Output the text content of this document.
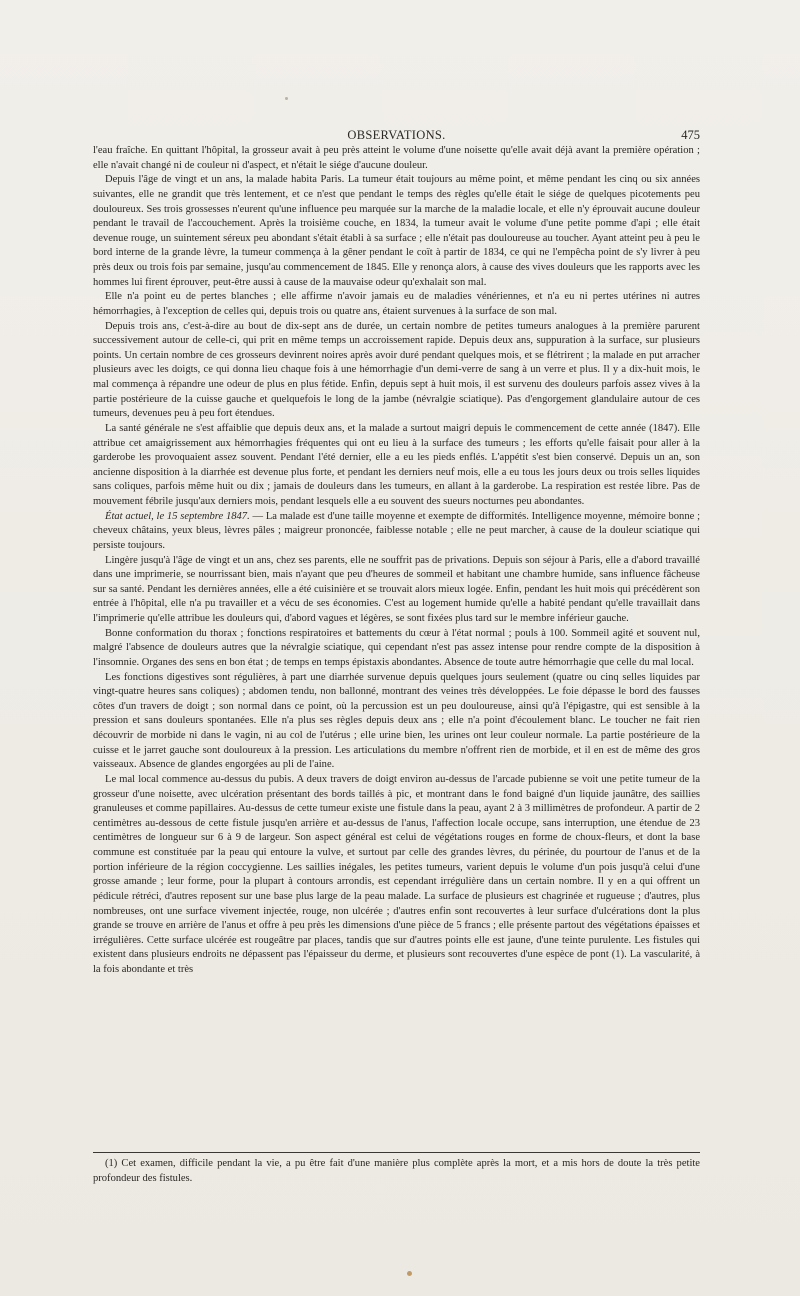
OBSERVATIONS.	475

l'eau fraîche. En quittant l'hôpital, la grosseur avait à peu près atteint le volume d'une noisette qu'elle avait déjà avant la première opération ; elle n'avait changé ni de couleur ni d'aspect, et n'était le siége d'aucune douleur.

Depuis l'âge de vingt et un ans, la malade habita Paris. La tumeur était toujours au même point, et même pendant les cinq ou six années suivantes, elle ne grandit que très lentement, et ce n'est que pendant le temps des règles qu'elle était le siége de quelques picotements peu douloureux. Ses trois grossesses n'eurent qu'une influence peu marquée sur la marche de la maladie locale, et elle n'y éprouvait aucune douleur pendant le travail de l'accouchement. Après la troisième couche, en 1834, la tumeur avait le volume d'une petite pomme d'api ; elle était devenue rouge, un suintement séreux peu abondant s'était établi à sa surface ; elle n'était pas douloureuse au toucher. Ayant atteint peu à peu le bord interne de la grande lèvre, la tumeur commença à la gêner pendant le coït à partir de 1834, ce qui ne l'empêcha point de s'y livrer à peu près deux ou trois fois par semaine, jusqu'au commencement de 1845. Elle y renonça alors, à cause des vives douleurs que les rapports avec les hommes lui firent éprouver, peut-être aussi à cause de la mauvaise odeur qu'exhalait son mal.

Elle n'a point eu de pertes blanches ; elle affirme n'avoir jamais eu de maladies vénériennes, et n'a eu ni pertes utérines ni autres hémorrhagies, à l'exception de celles qui, depuis trois ou quatre ans, étaient survenues à la surface de son mal.

Depuis trois ans, c'est-à-dire au bout de dix-sept ans de durée, un certain nombre de petites tumeurs analogues à la première parurent successivement autour de celle-ci, qui prit en même temps un accroissement rapide. Depuis deux ans, suppuration à la surface, sur plusieurs points. Un certain nombre de ces grosseurs devinrent noires après avoir duré pendant quelques mois, et se flétrirent ; la malade en put arracher plusieurs avec les doigts, ce qui donna lieu chaque fois à une hémorrhagie d'un demi-verre de sang à un verre et plus. Il y a dix-huit mois, le mal commença à répandre une odeur de plus en plus fétide. Enfin, depuis sept à huit mois, il est survenu des douleurs parfois assez vives à la partie postérieure de la cuisse gauche et quelquefois le long de la jambe (névralgie sciatique). Pas d'engorgement glandulaire autour de ces tumeurs, devenues peu à peu fort étendues.

La santé générale ne s'est affaiblie que depuis deux ans, et la malade a surtout maigri depuis le commencement de cette année (1847). Elle attribue cet amaigrissement aux hémorrhagies fréquentes qui ont eu lieu à la surface des tumeurs ; les efforts qu'elle faisait pour aller à la garderobe les provoquaient assez souvent. Pendant l'été dernier, elle a eu les pieds enflés. L'appétit s'est bien conservé. Depuis un an, son ancienne disposition à la diarrhée est devenue plus forte, et pendant les derniers neuf mois, elle a eu tous les jours deux ou trois selles liquides sans coliques, parfois même huit ou dix ; jamais de douleurs dans les tumeurs, en allant à la garderobe. La respiration est restée libre. Pas de mouvement fébrile jusqu'aux derniers mois, pendant lesquels elle a eu souvent des sueurs nocturnes peu abondantes.

État actuel, le 15 septembre 1847. — La malade est d'une taille moyenne et exempte de difformités. Intelligence moyenne, mémoire bonne ; cheveux châtains, yeux bleus, lèvres pâles ; maigreur prononcée, faiblesse notable ; elle ne peut marcher, à cause de la douleur sciatique qui persiste toujours.

Lingère jusqu'à l'âge de vingt et un ans, chez ses parents, elle ne souffrit pas de privations. Depuis son séjour à Paris, elle a d'abord travaillé dans une imprimerie, se nourrissant bien, mais n'ayant que peu d'heures de sommeil et habitant une chambre humide, sans influence fâcheuse sur sa santé. Pendant les dernières années, elle a été cuisinière et se trouvait alors mieux logée. Enfin, pendant les huit mois qui précédèrent son entrée à l'hôpital, elle n'a pu travailler et a vécu de ses économies. C'est au logement humide qu'elle a habité pendant qu'elle travaillait dans l'imprimerie qu'elle attribue les douleurs qui, d'abord vagues et légères, se sont fixées plus tard sur le membre inférieur gauche.

Bonne conformation du thorax ; fonctions respiratoires et battements du cœur à l'état normal ; pouls à 100. Sommeil agité et souvent nul, malgré l'absence de douleurs autres que la névralgie sciatique, qui cependant n'est pas assez intense pour rendre compte de la disposition à l'insomnie. Organes des sens en bon état ; de temps en temps épistaxis abondantes. Absence de toute autre hémorrhagie que celle du mal local.

Les fonctions digestives sont régulières, à part une diarrhée survenue depuis quelques jours seulement (quatre ou cinq selles liquides par vingt-quatre heures sans coliques) ; abdomen tendu, non ballonné, montrant des veines très développées. Le foie dépasse le bord des fausses côtes d'un travers de doigt ; son normal dans ce point, où la percussion est un peu douloureuse, ainsi qu'à l'épigastre, qui est sensible à la pression et sans douleurs spontanées. Elle n'a plus ses règles depuis deux ans ; elle n'a point d'écoulement blanc. Le toucher ne fait rien découvrir de morbide ni dans le vagin, ni au col de l'utérus ; elle urine bien, les urines ont leur couleur normale. La partie postérieure de la cuisse et le jarret gauche sont douloureux à la pression. Les articulations du membre n'offrent rien de morbide, et il en est de même des gros vaisseaux. Absence de glandes engorgées au pli de l'aine.

Le mal local commence au-dessus du pubis. A deux travers de doigt environ au-dessus de l'arcade pubienne se voit une petite tumeur de la grosseur d'une noisette, avec ulcération présentant des bords taillés à pic, et montrant dans le fond baigné d'un liquide jaunâtre, des saillies granuleuses et comme papillaires. Au-dessus de cette tumeur existe une fistule dans la peau, ayant 2 à 3 millimètres de profondeur. A partir de 2 centimètres au-dessous de cette fistule jusqu'en arrière et au-dessus de l'anus, l'affection locale occupe, sans interruption, une étendue de 23 centimètres de longueur sur 6 à 9 de largeur. Son aspect général est celui de végétations rouges en forme de choux-fleurs, et dont la base commune est constituée par la peau qui entoure la vulve, et surtout par celle des grandes lèvres, du périnée, du pourtour de l'anus et de la portion inférieure de la région coccygienne. Les saillies inégales, les petites tumeurs, varient depuis le volume d'un pois jusqu'à celui d'une grosse amande ; leur forme, pour la plupart à contours arrondis, est cependant irrégulière dans un certain nombre. Il y en a qui offrent un pédicule rétréci, d'autres reposent sur une base plus large de la peau malade. La surface de plusieurs est chagrinée et rugueuse ; d'autres, plus nombreuses, ont une surface vivement injectée, rouge, non ulcérée ; d'autres enfin sont recouvertes à leur surface d'ulcérations dont la plus grande se trouve en arrière de l'anus et offre à peu près les dimensions d'une pièce de 5 francs ; elle présente partout des végétations épaisses et irrégulières. Cette surface ulcérée est rougeâtre par places, tandis que sur d'autres points elle est jaune, d'une teinte purulente. Les fistules qui existent dans plusieurs endroits ne dépassent pas l'épaisseur du derme, et plusieurs sont recouvertes d'une espèce de pont (1). La vascularité, à la fois abondante et très

(1) Cet examen, difficile pendant la vie, a pu être fait d'une manière plus complète après la mort, et a mis hors de doute la très petite profondeur des fistules.
